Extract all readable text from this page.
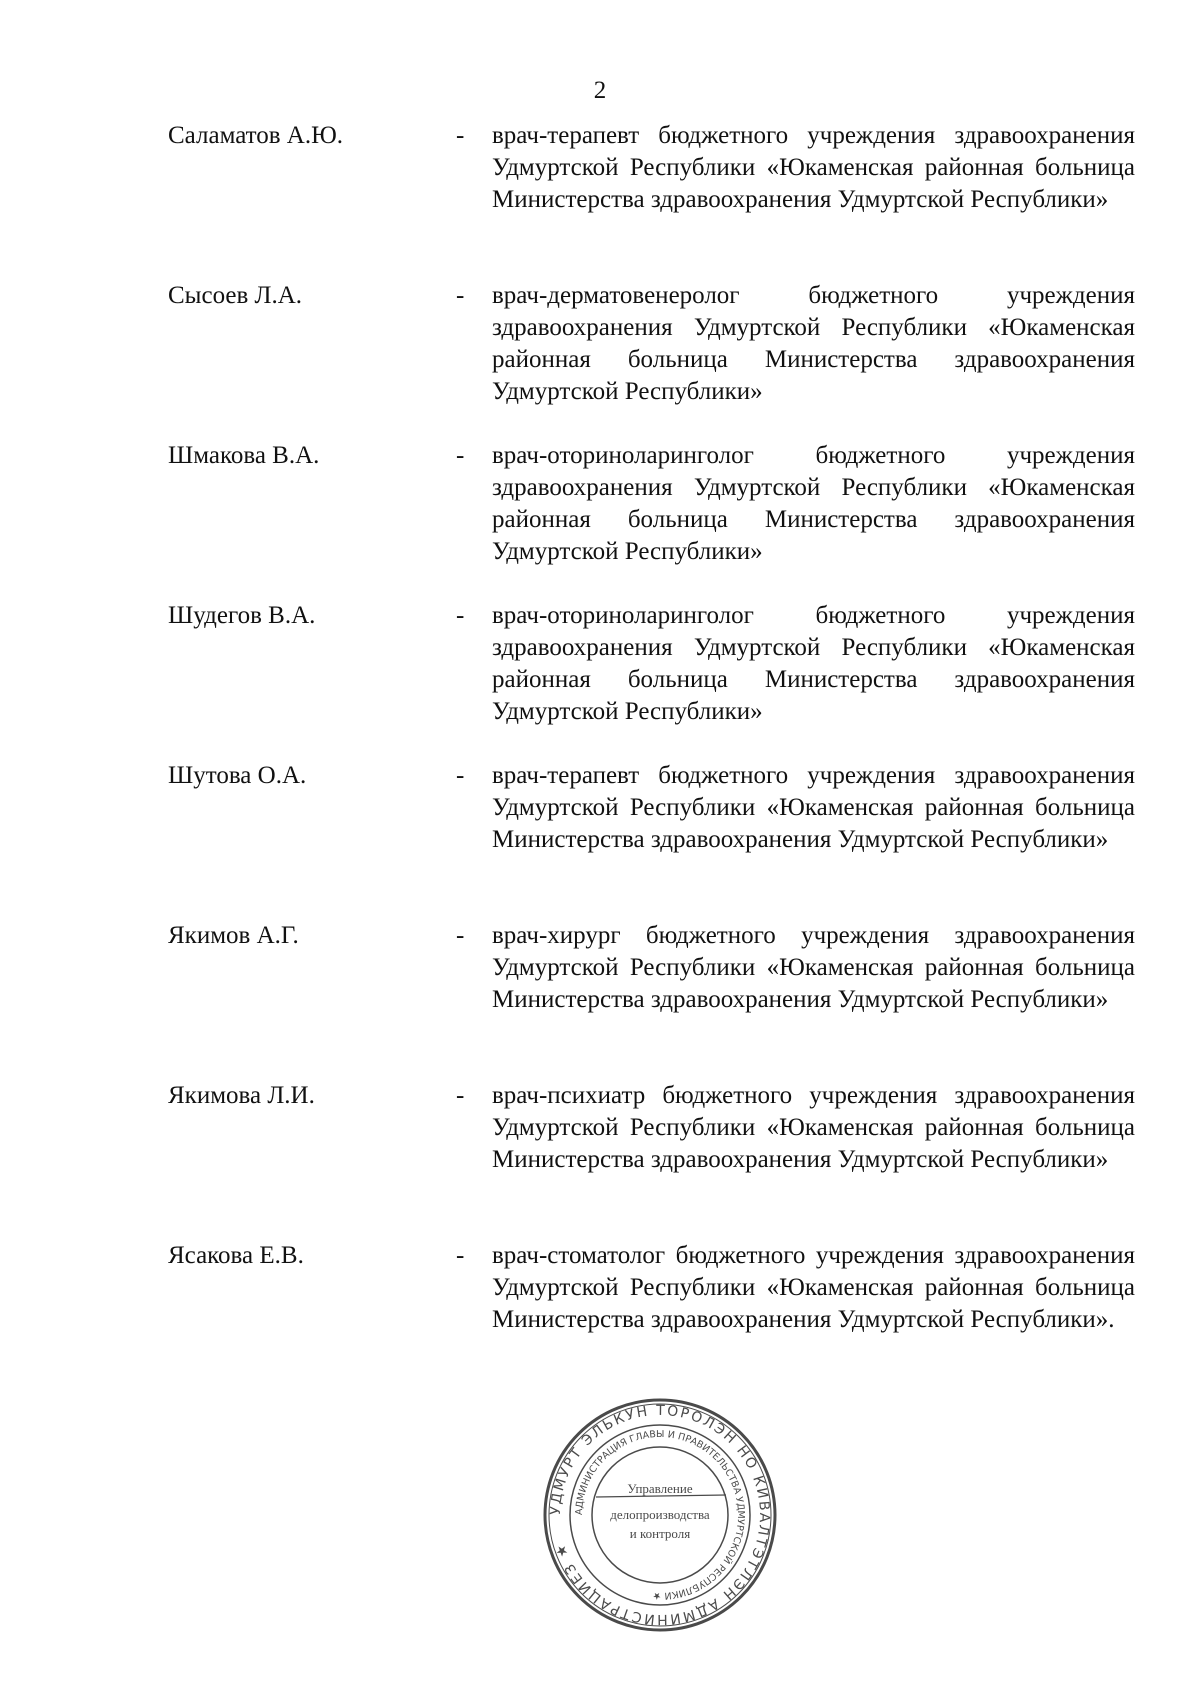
2
Саламатов А.Ю.	- врач-терапевт бюджетного учреждения здравоохранения Удмуртской Республики «Юкаменская районная больница Министерства здравоохранения Удмуртской Республики»
Сысоев Л.А.	- врач-дерматовенеролог бюджетного учреждения здравоохранения Удмуртской Республики «Юкаменская районная больница Министерства здравоохранения Удмуртской Республики»
Шмакова В.А.	- врач-оториноларинголог бюджетного учреждения здравоохранения Удмуртской Республики «Юкаменская районная больница Министерства здравоохранения Удмуртской Республики»
Шудегов В.А.	- врач-оториноларинголог бюджетного учреждения здравоохранения Удмуртской Республики «Юкаменская районная больница Министерства здравоохранения Удмуртской Республики»
Шутова О.А.	- врач-терапевт бюджетного учреждения здравоохранения Удмуртской Республики «Юкаменская районная больница Министерства здравоохранения Удмуртской Республики»
Якимов А.Г.	- врач-хирург бюджетного учреждения здравоохранения Удмуртской Республики «Юкаменская районная больница Министерства здравоохранения Удмуртской Республики»
Якимова Л.И.	- врач-психиатр бюджетного учреждения здравоохранения Удмуртской Республики «Юкаменская районная больница Министерства здравоохранения Удмуртской Республики»
Ясакова Е.В.	- врач-стоматолог бюджетного учреждения здравоохранения Удмуртской Республики «Юкаменская районная больница Министерства здравоохранения Удмуртской Республики».
УДМУРТ ЭЛЬКУН ТОРОЛЭН НО КИВАЛТЭТЛЭН АДМИНИСТРАЦИЕЗ ★
АДМИНИСТРАЦИЯ ГЛАВЫ И ПРАВИТЕЛЬСТВА УДМУРТСКОЙ РЕСПУБЛИКИ ★
Управление
делопроизводства
и контроля
